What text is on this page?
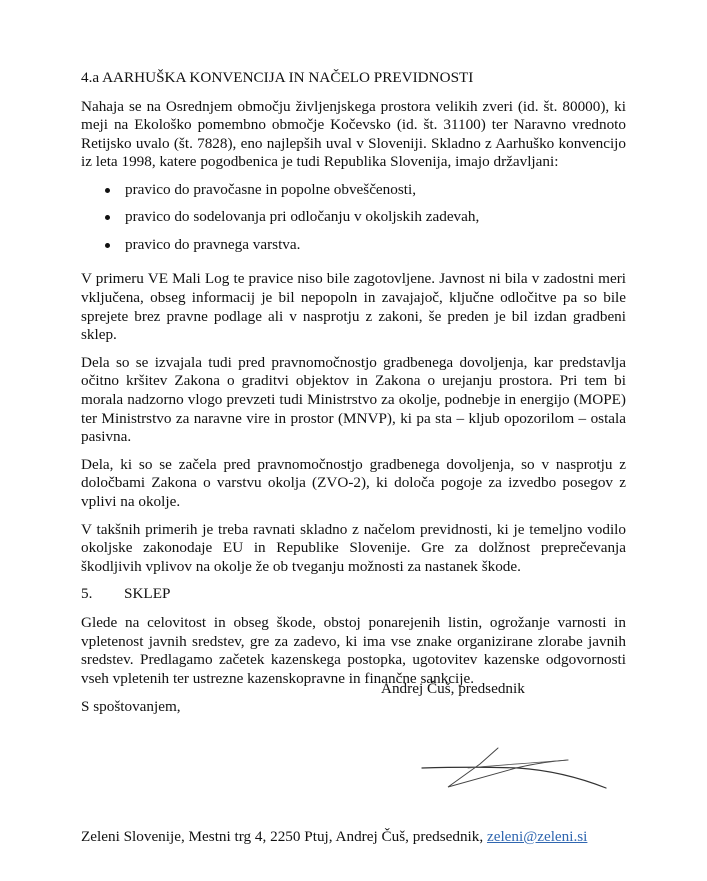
4.a AARHUŠKA KONVENCIJA IN NAČELO PREVIDNOSTI

Nahaja se na Osrednjem območju življenjskega prostora velikih zveri (id. št. 80000), ki meji na Ekološko pomembno območje Kočevsko (id. št. 31100) ter Naravno vrednoto Retijsko uvalo (št. 7828), eno najlepših uval v Sloveniji. Skladno z Aarhuško konvencijo iz leta 1998, katere pogodbenica je tudi Republika Slovenija, imajo državljani:

pravico do pravočasne in popolne obveščenosti,
pravico do sodelovanja pri odločanju v okoljskih zadevah,
pravico do pravnega varstva.

V primeru VE Mali Log te pravice niso bile zagotovljene. Javnost ni bila v zadostni meri vključena, obseg informacij je bil nepopoln in zavajajoč, ključne odločitve pa so bile sprejete brez pravne podlage ali v nasprotju z zakoni, še preden je bil izdan gradbeni sklep.

Dela so se izvajala tudi pred pravnomočnostjo gradbenega dovoljenja, kar predstavlja očitno kršitev Zakona o graditvi objektov in Zakona o urejanju prostora. Pri tem bi morala nadzorno vlogo prevzeti tudi Ministrstvo za okolje, podnebje in energijo (MOPE) ter Ministrstvo za naravne vire in prostor (MNVP), ki pa sta – kljub opozorilom – ostala pasivna.

Dela, ki so se začela pred pravnomočnostjo gradbenega dovoljenja, so v nasprotju z določbami Zakona o varstvu okolja (ZVO-2), ki določa pogoje za izvedbo posegov z vplivi na okolje.

V takšnih primerih je treba ravnati skladno z načelom previdnosti, ki je temeljno vodilo okoljske zakonodaje EU in Republike Slovenije. Gre za dolžnost preprečevanja škodljivih vplivov na okolje že ob tveganju možnosti za nastanek škode.

5.	SKLEP

Glede na celovitost in obseg škode, obstoj ponarejenih listin, ogrožanje varnosti in vpletenost javnih sredstev, gre za zadevo, ki ima vse znake organizirane zlorabe javnih sredstev. Predlagamo začetek kazenskega postopka, ugotovitev kazenske odgovornosti vseh vpletenih ter ustrezne kazenskopravne in finančne sankcije.

S spoštovanjem,

Andrej Čuš, predsednik
Zeleni Slovenije, Mestni trg 4, 2250 Ptuj, Andrej Čuš, predsednik, zeleni@zeleni.si
